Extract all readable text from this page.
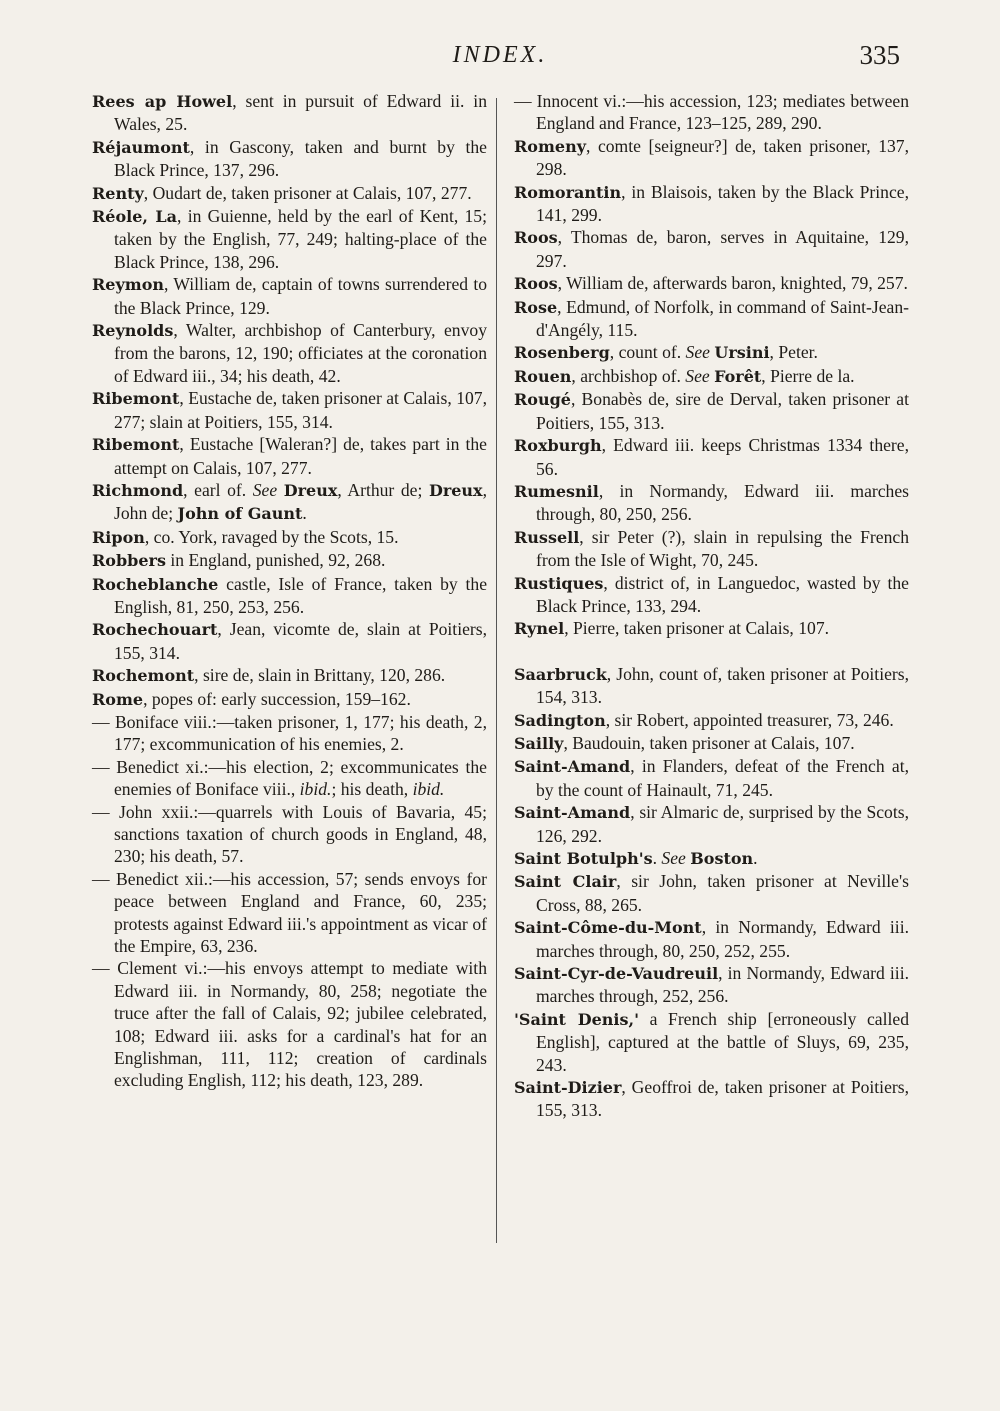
INDEX.	335

Rees ap Howel, sent in pursuit of Edward ii. in Wales, 25.

Réjaumont, in Gascony, taken and burnt by the Black Prince, 137, 296.

Renty, Oudart de, taken prisoner at Calais, 107, 277.

Réole, La, in Guienne, held by the earl of Kent, 15; taken by the English, 77, 249; halting-place of the Black Prince, 138, 296.

Reymon, William de, captain of towns surrendered to the Black Prince, 129.

Reynolds, Walter, archbishop of Canterbury, envoy from the barons, 12, 190; officiates at the coronation of Edward iii., 34; his death, 42.

Ribemont, Eustache de, taken prisoner at Calais, 107, 277; slain at Poitiers, 155, 314.

Ribemont, Eustache [Waleran?] de, takes part in the attempt on Calais, 107, 277.

Richmond, earl of. See Dreux, Arthur de; Dreux, John de; John of Gaunt.

Ripon, co. York, ravaged by the Scots, 15.

Robbers in England, punished, 92, 268.

Rocheblanche castle, Isle of France, taken by the English, 81, 250, 253, 256.

Rochechouart, Jean, vicomte de, slain at Poitiers, 155, 314.

Rochemont, sire de, slain in Brittany, 120, 286.

Rome, popes of: early succession, 159–162.

— Boniface viii.:—taken prisoner, 1, 177; his death, 2, 177; excommunication of his enemies, 2.

— Benedict xi.:—his election, 2; excommunicates the enemies of Boniface viii., ibid.; his death, ibid.

— John xxii.:—quarrels with Louis of Bavaria, 45; sanctions taxation of church goods in England, 48, 230; his death, 57.

— Benedict xii.:—his accession, 57; sends envoys for peace between England and France, 60, 235; protests against Edward iii.'s appointment as vicar of the Empire, 63, 236.

— Clement vi.:—his envoys attempt to mediate with Edward iii. in Normandy, 80, 258; negotiate the truce after the fall of Calais, 92; jubilee celebrated, 108; Edward iii. asks for a cardinal's hat for an Englishman, 111, 112; creation of cardinals excluding English, 112; his death, 123, 289.

— Innocent vi.:—his accession, 123; mediates between England and France, 123–125, 289, 290.

Romeny, comte [seigneur?] de, taken prisoner, 137, 298.

Romorantin, in Blaisois, taken by the Black Prince, 141, 299.

Roos, Thomas de, baron, serves in Aquitaine, 129, 297.

Roos, William de, afterwards baron, knighted, 79, 257.

Rose, Edmund, of Norfolk, in command of Saint-Jean-d'Angély, 115.

Rosenberg, count of. See Ursini, Peter.

Rouen, archbishop of. See Forêt, Pierre de la.

Rougé, Bonabès de, sire de Derval, taken prisoner at Poitiers, 155, 313.

Roxburgh, Edward iii. keeps Christmas 1334 there, 56.

Rumesnil, in Normandy, Edward iii. marches through, 80, 250, 256.

Russell, sir Peter (?), slain in repulsing the French from the Isle of Wight, 70, 245.

Rustiques, district of, in Languedoc, wasted by the Black Prince, 133, 294.

Rynel, Pierre, taken prisoner at Calais, 107.

Saarbruck, John, count of, taken prisoner at Poitiers, 154, 313.

Sadington, sir Robert, appointed treasurer, 73, 246.

Sailly, Baudouin, taken prisoner at Calais, 107.

Saint-Amand, in Flanders, defeat of the French at, by the count of Hainault, 71, 245.

Saint-Amand, sir Almaric de, surprised by the Scots, 126, 292.

Saint Botulph's. See Boston.

Saint Clair, sir John, taken prisoner at Neville's Cross, 88, 265.

Saint-Côme-du-Mont, in Normandy, Edward iii. marches through, 80, 250, 252, 255.

Saint-Cyr-de-Vaudreuil, in Normandy, Edward iii. marches through, 252, 256.

'Saint Denis,' a French ship [erroneously called English], captured at the battle of Sluys, 69, 235, 243.

Saint-Dizier, Geoffroi de, taken prisoner at Poitiers, 155, 313.
